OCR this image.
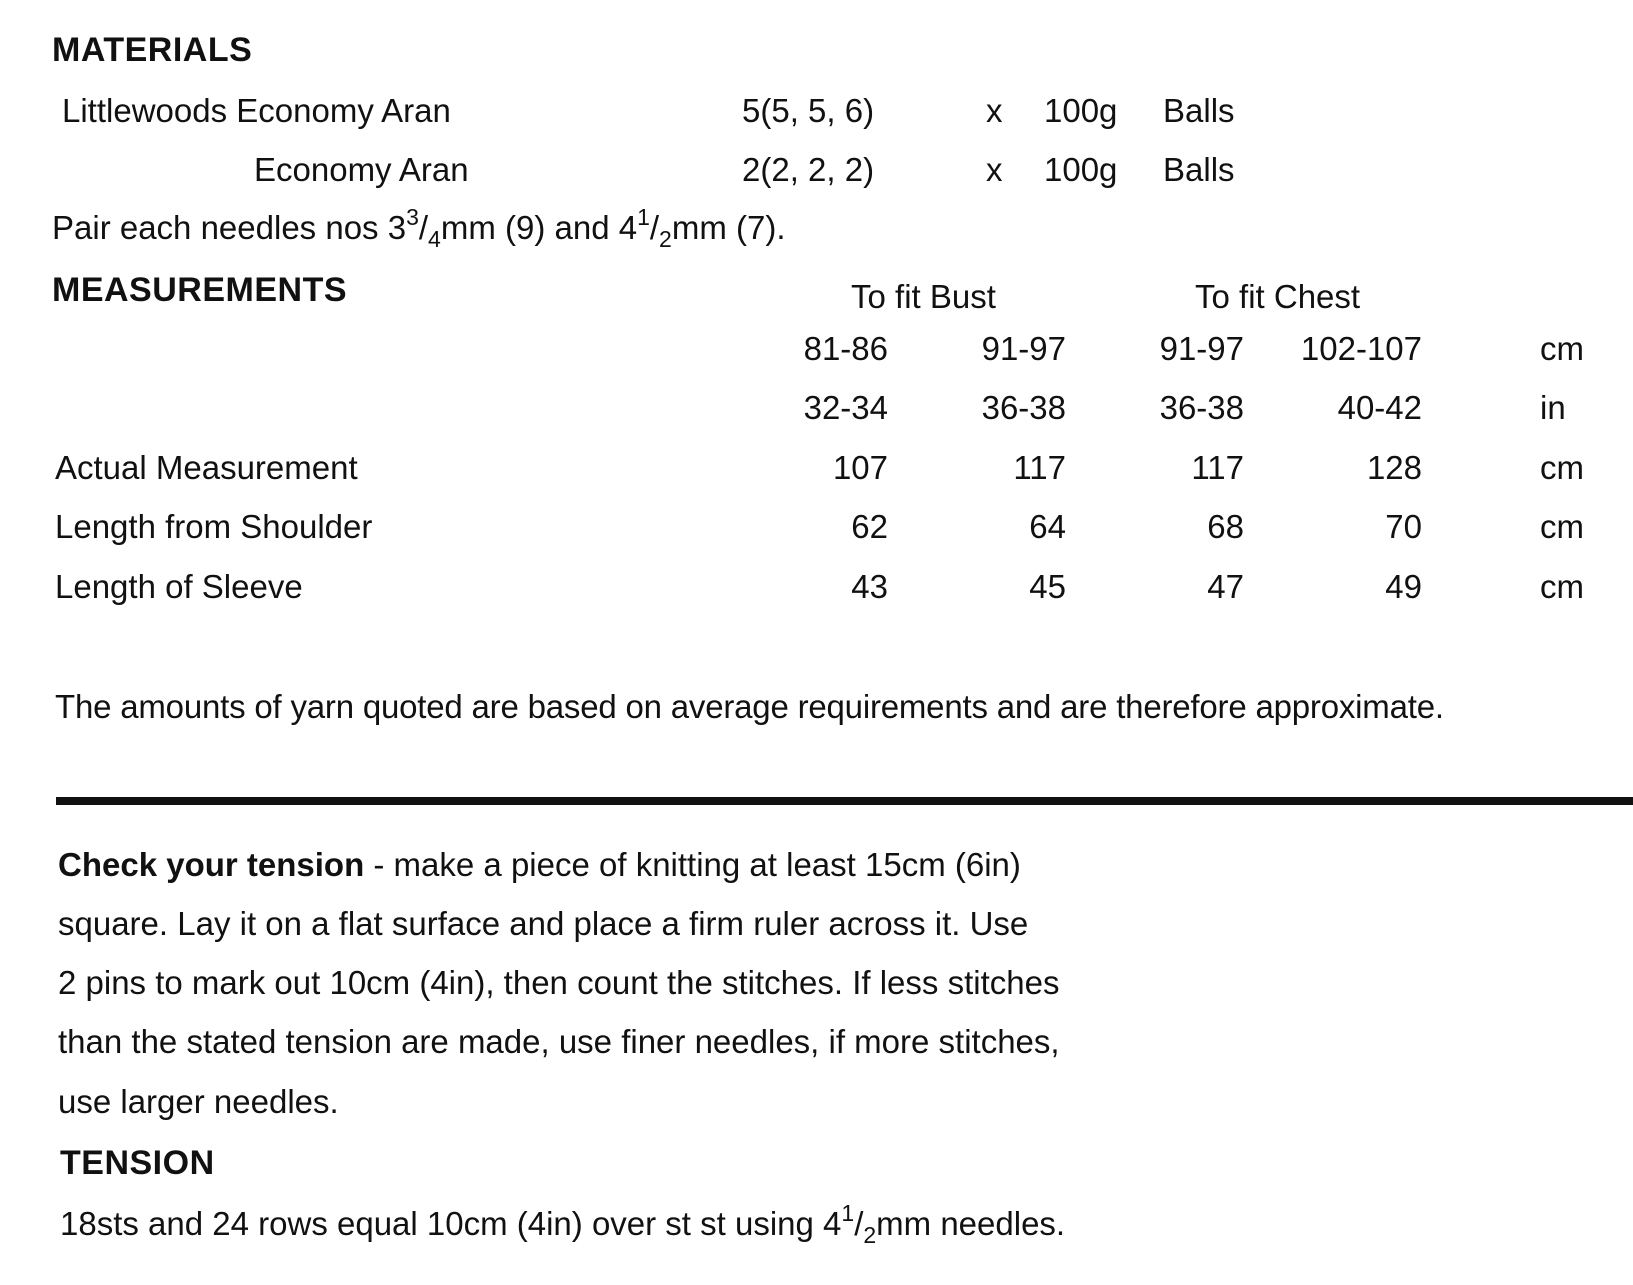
MATERIALS
Littlewoods Economy Aran	5(5, 5, 6)	x 100g Balls
Economy Aran	2(2, 2, 2)	x 100g Balls
Pair each needles nos $3^3/_4mm$ (9) and $4^1/_2mm$ (7).
MEASUREMENTS	To fit Bust	To fit Chest
81-86	91-97	91-97	102-107	cm
32-34	36-38	36-38	40-42	in
Actual Measurement	107	117	117	128	cm
Length from Shoulder	62	64	68	70	cm
Length of Sleeve	43	45	47	49	cm
The amounts of yarn quoted are based on average requirements and are therefore approximate.
Check your tension - make a piece of knitting at least 15cm (6in)
square. Lay it on a flat surface and place a firm ruler across it. Use
2 pins to mark out 10cm (4in), then count the stitches. If less stitches
than the stated tension are made, use finer needles, if more stitches,
use larger needles.
TENSION
18sts and 24 rows equal 10cm (4in) over st st using $4^1/_2mm$ needles.
